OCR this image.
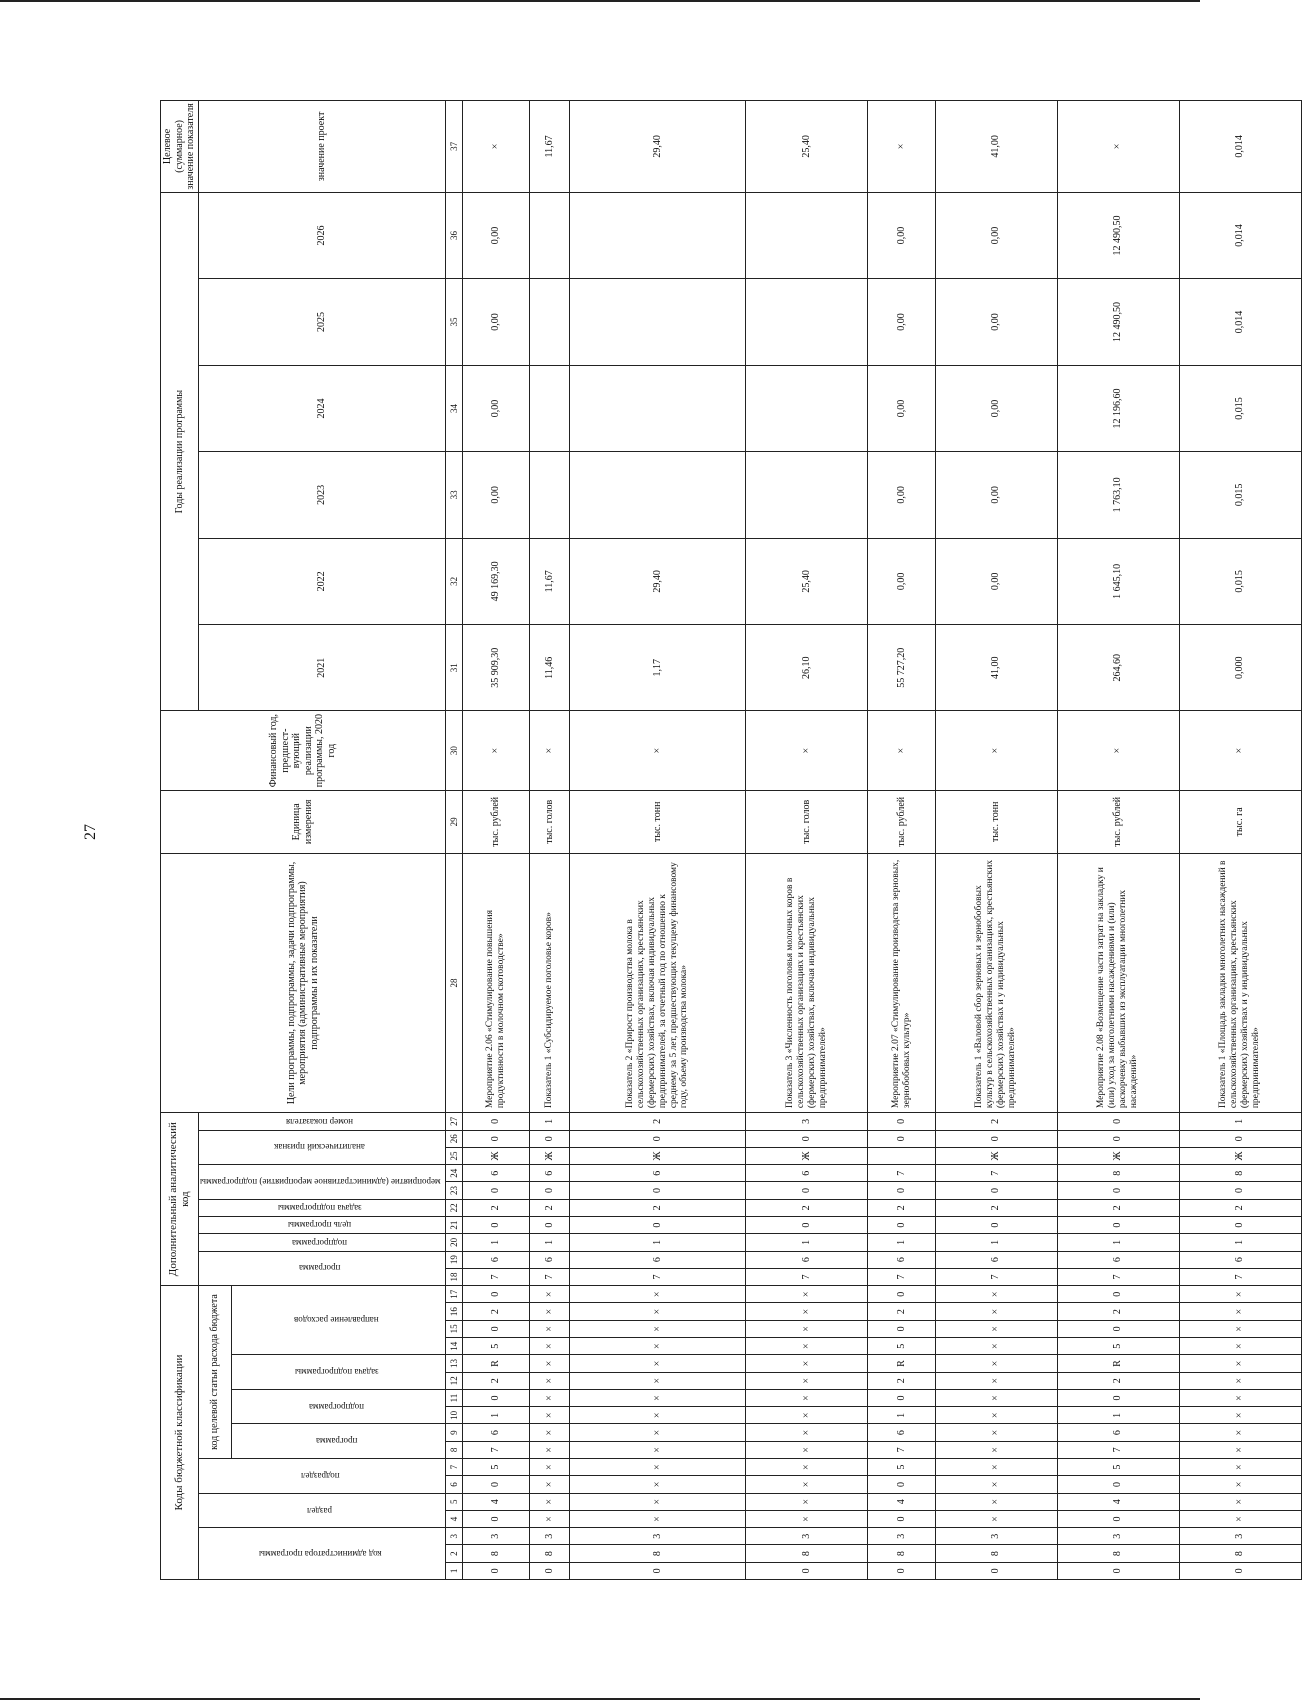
27
Коды бюджетной классификации																	Дополнительный аналитический код										Цели программы, подпрограммы, задачи подпрограммы, мероприятия (административные мероприятия) подпрограммы и их показатели	Единица измерения	Финансовый год, предшест-вующий реализации программы, 2020 год	Годы реализации программы						Целевое (суммарное) значение показателя
код администратора программы			раздел		подраздел		код целевой статьи расхода бюджета										программа		подпрограмма	цель программы	задача подпрограммы	мероприятие (административное мероприятие) подпрограммы		аналитический признак		номер показателя				2021	2022	2023	2024	2025	2026	значение проект
							программа		подпрограмма		задача подпрограммы		направление расходов																							
1	2	3	4	5	6	7	8	9	10	11	12	13	14	15	16	17	18	19	20	21	22	23	24	25	26	27	28	29	30	31	32	33	34	35	36	37
0	8	3	0	4	0	5	7	6	1	0	2	R	5	0	2	0	7	6	1	0	2	0	6	Ж	0	0	Мероприятие 2.06 «Стимулирование повышения продуктивности в молочном скотоводстве»	тыс. рублей	×	35 909,30	49 169,30	0,00	0,00	0,00	0,00	×
0	8	3	×	×	×	×	×	×	×	×	×	×	×	×	×	×	7	6	1	0	2	0	6	Ж	0	1	Показатель 1 «Субсидируемое поголовье коров»	тыс. голов	×	11,46	11,67					11,67
0	8	3	×	×	×	×	×	×	×	×	×	×	×	×	×	×	7	6	1	0	2	0	6	Ж	0	2	Показатель 2 «Прирост производства молока в сельскохозяйственных организациях, крестьянских (фермерских) хозяйствах, включая индивидуальных предпринимателей, за отчетный год по отношению к среднему за 5 лет, предшествующих текущему финансовому году, объему производства молока»	тыс. тонн	×	1,17	29,40					29,40
0	8	3	×	×	×	×	×	×	×	×	×	×	×	×	×	×	7	6	1	0	2	0	6	Ж	0	3	Показатель 3 «Численность поголовья молочных коров в сельскохозяйственных организациях и крестьянских (фермерских) хозяйствах, включая индивидуальных предпринимателей»	тыс. голов	×	26,10	25,40					25,40
0	8	3	0	4	0	5	7	6	1	0	2	R	5	0	2	0	7	6	1	0	2	0	7		0	0	Мероприятие 2.07 «Стимулирование производства зерновых, зернобобовых культур»	тыс. рублей	×	55 727,20	0,00	0,00	0,00	0,00	0,00	×
0	8	3	×	×	×	×	×	×	×	×	×	×	×	×	×	×	7	6	1	0	2	0	7	Ж	0	2	Показатель 1 «Валовой сбор зерновых и зернобобовых культур в сельскохозяйственных организациях, крестьянских (фермерских) хозяйствах и у индивидуальных предпринимателей»	тыс. тонн	×	41,00	0,00	0,00	0,00	0,00	0,00	41,00
0	8	3	0	4	0	5	7	6	1	0	2	R	5	0	2	0	7	6	1	0	2	0	8	Ж	0	0	Мероприятие 2.08 «Возмещение части затрат на закладку и (или) уход за многолетними насаждениями и (или) раскорчевку выбывших из эксплуатации многолетних насаждений»	тыс. рублей	×	264,60	1 645,10	1 763,10	12 196,60	12 490,50	12 490,50	×
0	8	3	×	×	×	×	×	×	×	×	×	×	×	×	×	×	7	6	1	0	2	0	8	Ж	0	1	Показатель 1 «Площадь закладки многолетних насаждений в сельскохозяйственных организациях, крестьянских (фермерских) хозяйствах и у индивидуальных предпринимателей»	тыс. га	×	0,000	0,015	0,015	0,015	0,014	0,014	0,014
